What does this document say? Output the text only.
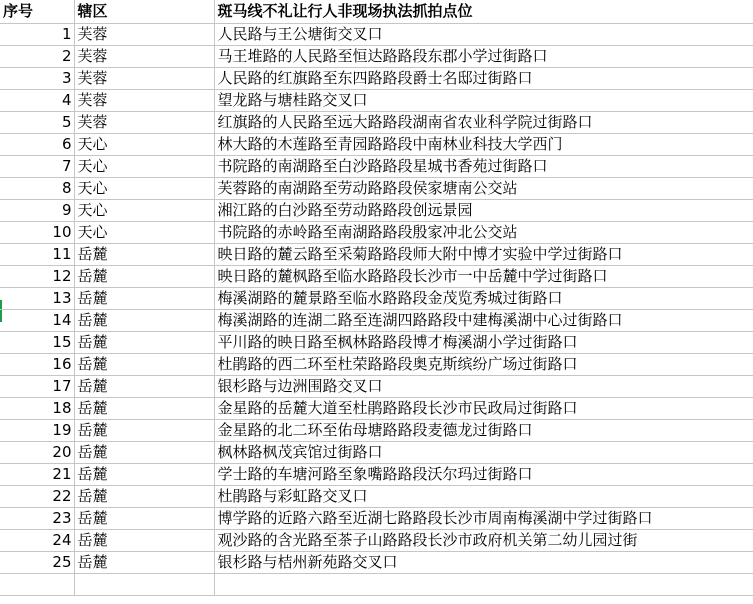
序号	辖区	斑马线不礼让行人非现场执法抓拍点位
1	芙蓉	人民路与王公塘街交叉口
2	芙蓉	马王堆路的人民路至恒达路路段东郡小学过街路口
3	芙蓉	人民路的红旗路至东四路路段爵士名邸过街路口
4	芙蓉	望龙路与塘桂路交叉口
5	芙蓉	红旗路的人民路至远大路路段湖南省农业科学院过街路口
6	天心	林大路的木莲路至青园路路段中南林业科技大学西门
7	天心	书院路的南湖路至白沙路路段星城书香苑过街路口
8	天心	芙蓉路的南湖路至劳动路路段侯家塘南公交站
9	天心	湘江路的白沙路至劳动路路段创远景园
10	天心	书院路的赤岭路至南湖路路段殷家冲北公交站
11	岳麓	映日路的麓云路至采菊路路段师大附中博才实验中学过街路口
12	岳麓	映日路的麓枫路至临水路路段长沙市一中岳麓中学过街路口
13	岳麓	梅溪湖路的麓景路至临水路路段金茂览秀城过街路口
14	岳麓	梅溪湖路的连湖二路至连湖四路路段中建梅溪湖中心过街路口
15	岳麓	平川路的映日路至枫林路路段博才梅溪湖小学过街路口
16	岳麓	杜鹃路的西二环至杜荣路路段奥克斯缤纷广场过街路口
17	岳麓	银杉路与边洲围路交叉口
18	岳麓	金星路的岳麓大道至杜鹃路路段长沙市民政局过街路口
19	岳麓	金星路的北二环至佑母塘路路段麦德龙过街路口
20	岳麓	枫林路枫茂宾馆过街路口
21	岳麓	学士路的车塘河路至象嘴路路段沃尔玛过街路口
22	岳麓	杜鹃路与彩虹路交叉口
23	岳麓	博学路的近路六路至近湖七路路段长沙市周南梅溪湖中学过街路口
24	岳麓	观沙路的含光路至茶子山路路段长沙市政府机关第二幼儿园过街
25	岳麓	银杉路与桔州新苑路交叉口
